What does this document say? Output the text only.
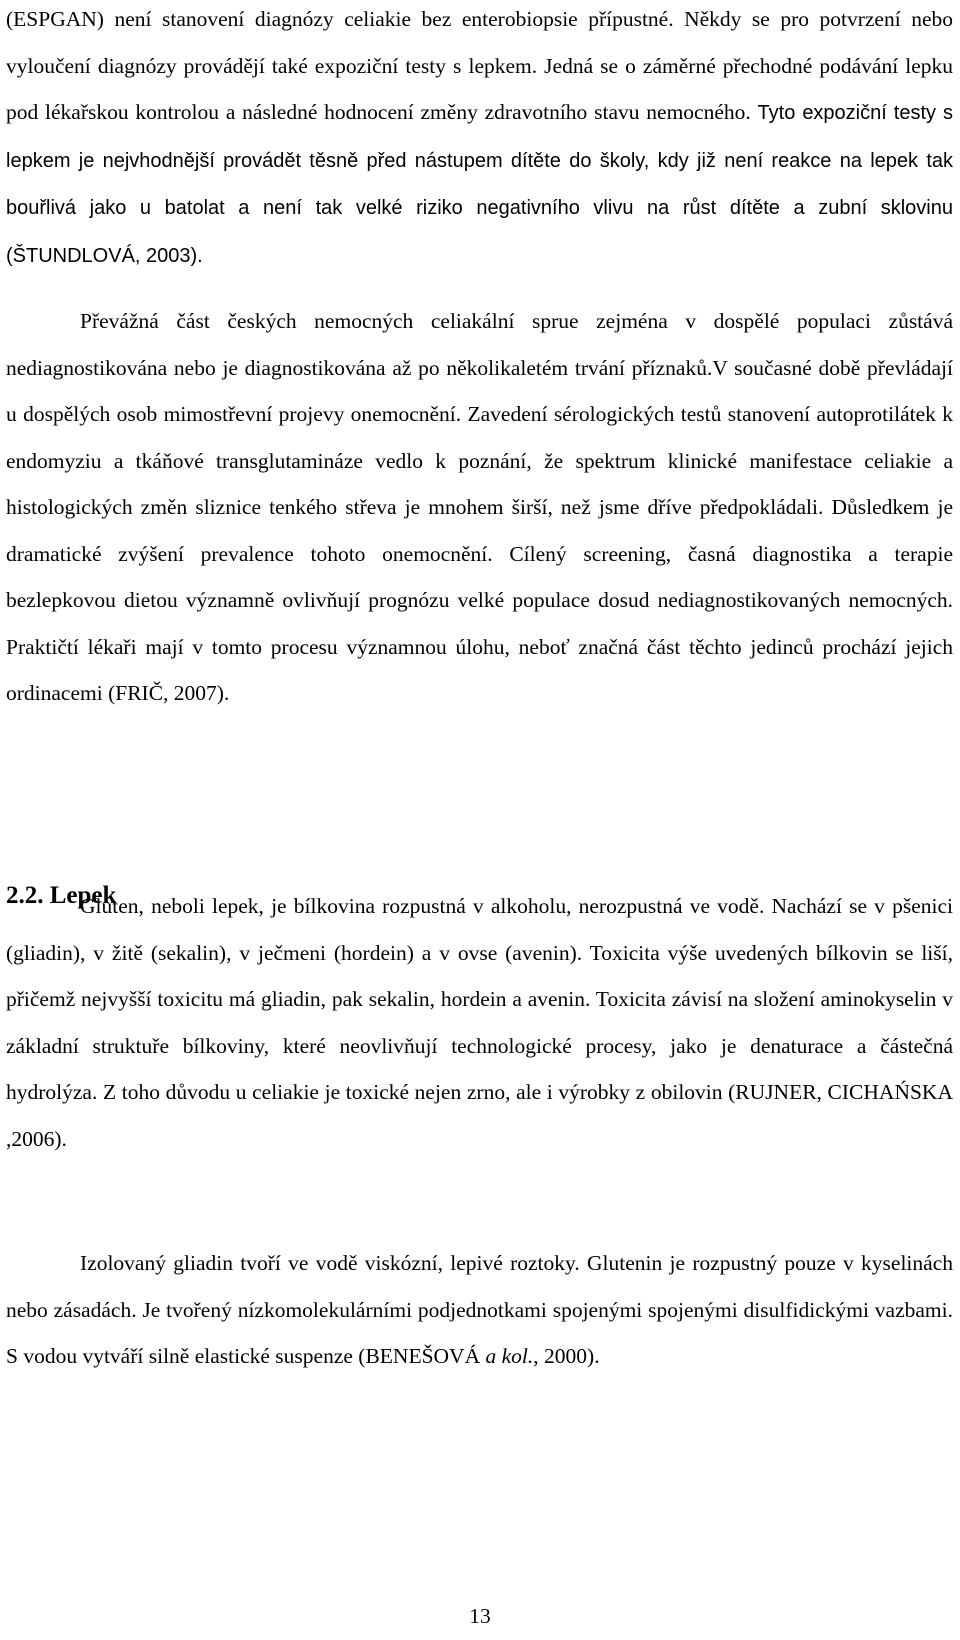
(ESPGAN) není stanovení diagnózy celiakie bez enterobiopsie přípustné. Někdy se pro potvrzení nebo vyloučení diagnózy provádějí také expoziční testy s lepkem. Jedná se o záměrné přechodné podávání lepku pod lékařskou kontrolou a následné hodnocení změny zdravotního stavu nemocného. Tyto expoziční testy s lepkem je nejvhodnější provádět těsně před nástupem dítěte do školy, kdy již není reakce na lepek tak bouřlivá jako u batolat a není tak velké riziko negativního vlivu na růst dítěte a zubní sklovinu (ŠTUNDLOVÁ, 2003).

Převážná část českých nemocných celiakální sprue zejména v dospělé populaci zůstává nediagnostikována nebo je diagnostikována až po několikaletém trvání příznaků.V současné době převládají u dospělých osob mimostřevní projevy onemocnění. Zavedení sérologických testů stanovení autoprotilátek k endomyziu a tkáňové transglutamináze vedlo k poznání, že spektrum klinické manifestace celiakie a histologických změn sliznice tenkého střeva je mnohem širší, než jsme dříve předpokládali. Důsledkem je dramatické zvýšení prevalence tohoto onemocnění. Cílený screening, časná diagnostika a terapie bezlepkovou dietou významně ovlivňují prognózu velké populace dosud nediagnostikovaných nemocných. Praktičtí lékaři mají v tomto procesu významnou úlohu, neboť značná část těchto jedinců prochází jejich ordinacemi (FRIČ, 2007).

2.2. Lepek

Gluten, neboli lepek, je bílkovina rozpustná v alkoholu, nerozpustná ve vodě. Nachází se v pšenici (gliadin), v žitě (sekalin), v ječmeni (hordein) a v ovse (avenin). Toxicita výše uvedených bílkovin se liší, přičemž nejvyšší toxicitu má gliadin, pak sekalin, hordein a avenin. Toxicita závisí na složení aminokyselin v základní struktuře bílkoviny, které neovlivňují technologické procesy, jako je denaturace a částečná hydrolýza. Z toho důvodu u celiakie je toxické nejen zrno, ale i výrobky z obilovin (RUJNER, CICHAŃSKA ,2006).

Izolovaný gliadin tvoří ve vodě viskózní, lepivé roztoky. Glutenin je rozpustný pouze v kyselinách nebo zásadách. Je tvořený nízkomolekulárními podjednotkami spojenými spojenými disulfidickými vazbami. S vodou vytváří silně elastické suspenze (BENEŠOVÁ a kol., 2000).

13
